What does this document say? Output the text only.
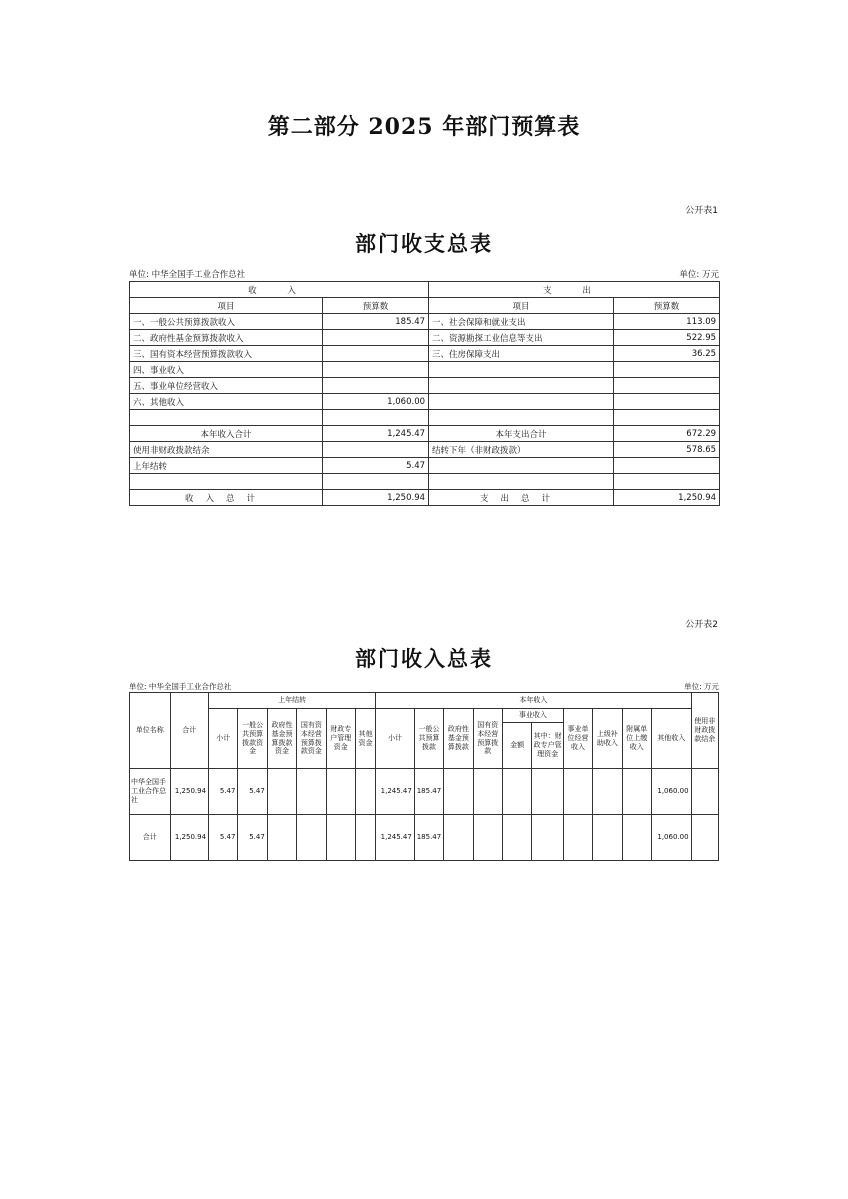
第二部分 2025 年部门预算表
公开表1
部门收支总表
单位: 中华全国手工业合作总社	单位: 万元
收 入		支 出	
项目	预算数	项目	预算数
一、一般公共预算拨款收入	185.47	一、社会保障和就业支出	113.09
二、政府性基金预算拨款收入		二、资源勘探工业信息等支出	522.95
三、国有资本经营预算拨款收入		三、住房保障支出	36.25
四、事业收入			
五、事业单位经营收入			
六、其他收入	1,060.00		

本年收入合计	1,245.47	本年支出合计	672.29
使用非财政拨款结余		结转下年（非财政拨款）	578.65
上年结转	5.47		

收入总计	1,250.94	支出总计	1,250.94
公开表2
部门收入总表
单位: 中华全国手工业合作总社	单位: 万元
单位名称	合计	上年结转						本年收入										使用非财政拨款结余
		小计	一般公共预算拨款资金	政府性基金预算拨款资金	国有资本经营预算拨款资金	财政专户管理资金	其他资金	小计	一般公共预算拨款	政府性基金预算拨款	国有资本经营预算拨款	事业收入		事业单位经营收入	上级补助收入	附属单位上缴收入	其他收入	
												金额	其中：财政专户管理资金					
中华全国手工业合作总社	1,250.94	5.47	5.47					1,245.47	185.47								1,060.00	
合计	1,250.94	5.47	5.47					1,245.47	185.47								1,060.00	
